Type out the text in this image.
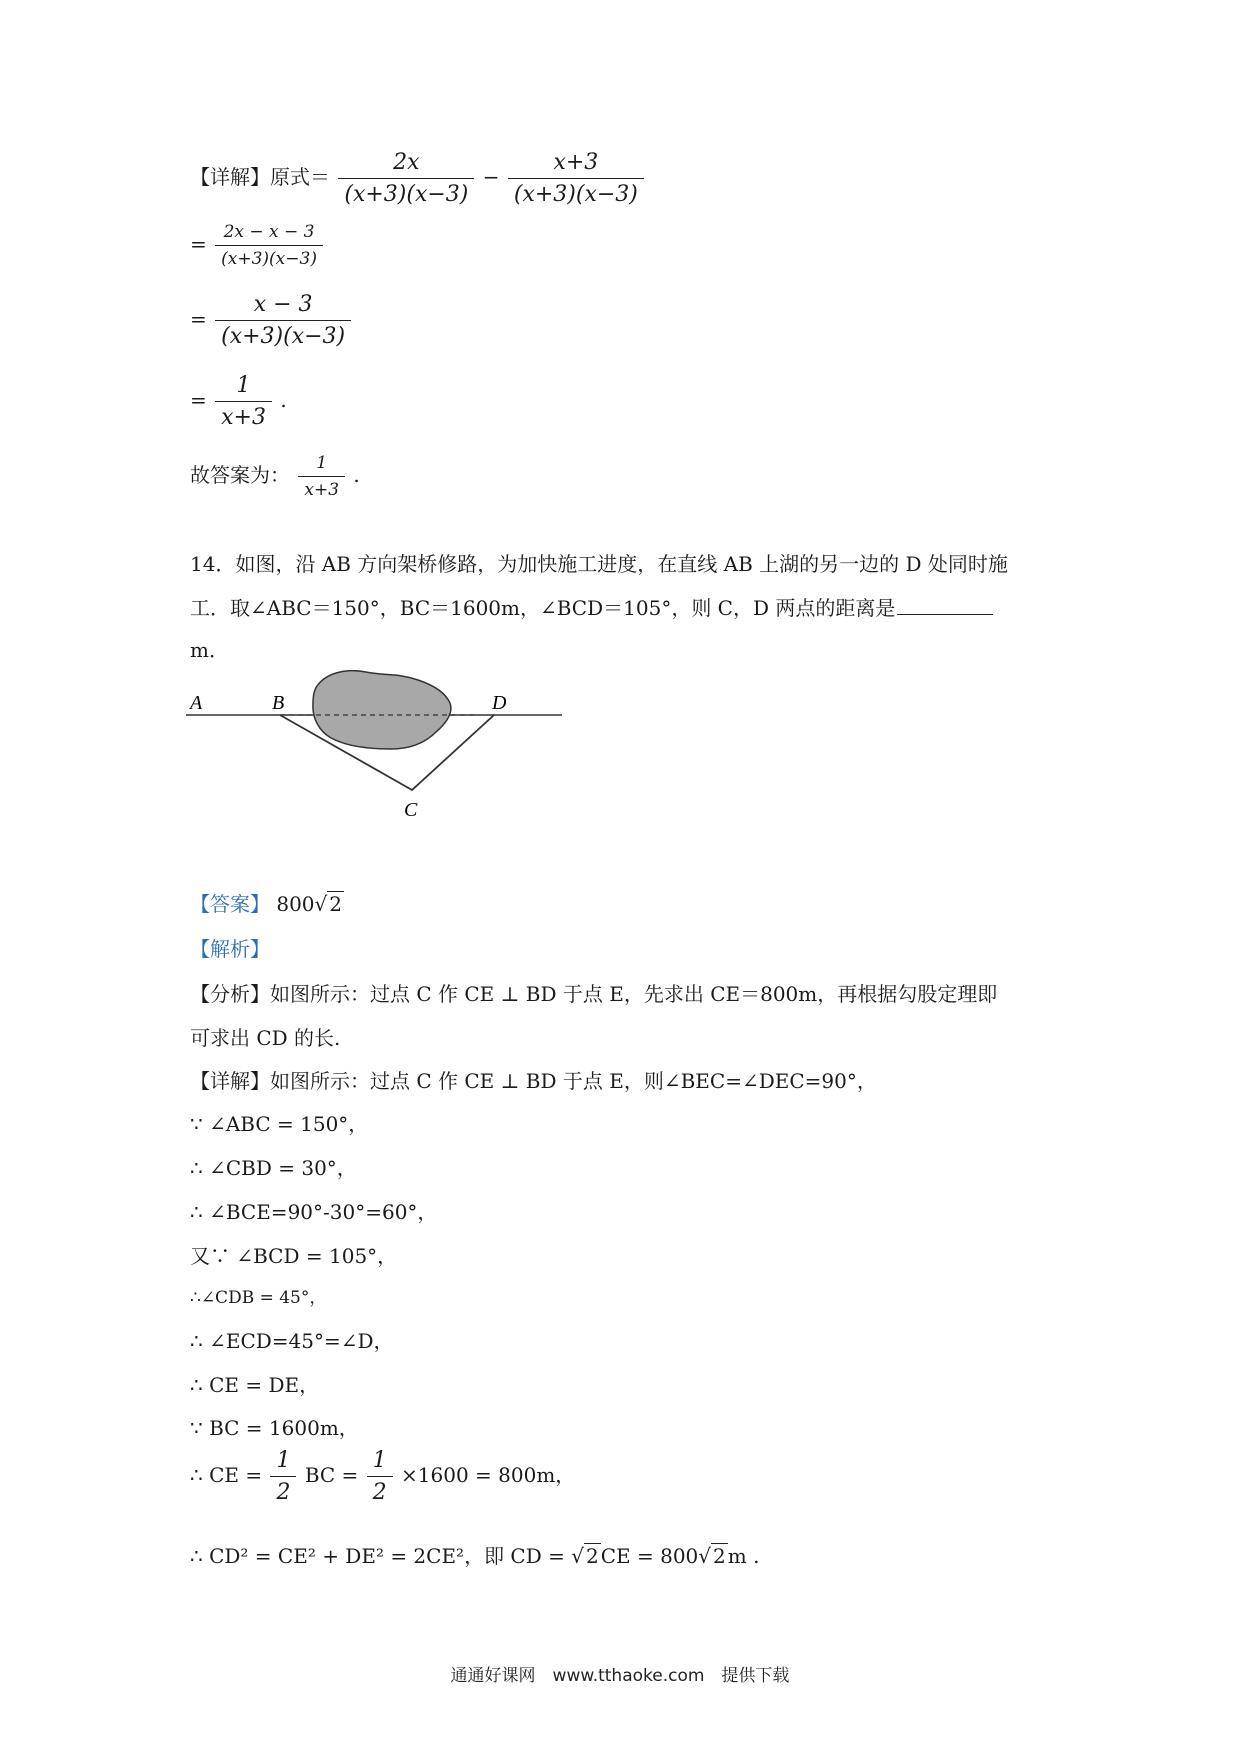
【详解】原式＝ $\frac{2x}{(x+3)(x-3)} - \frac{x+3}{(x+3)(x-3)}$
= $\frac{2x - x - 3}{(x+3)(x-3)}$
= $\frac{x - 3}{(x+3)(x-3)}$
= $\frac{1}{x+3}$ .
故答案为： $\frac{1}{x+3}$ .
14．如图，沿 AB 方向架桥修路，为加快施工进度，在直线 AB 上湖的另一边的 D 处同时施
工．取∠ABC＝150°，BC＝1600m，∠BCD＝105°，则 C，D 两点的距离是
m．
A	B	D
C
【答案】 800√ 2
【解析】
【分析】如图所示：过点 C 作 CE ⊥ BD 于点 E，先求出 CE＝800m，再根据勾股定理即
可求出 CD 的长.
【详解】如图所示：过点 C 作 CE ⊥ BD 于点 E，则∠BEC=∠DEC=90°，
∵ ∠ABC = 150°，
∴ ∠CBD = 30°，
∴ ∠BCE=90°-30°=60°，
又∵ ∠BCD = 105°，
∴∠CDB = 45°，
∴ ∠ECD=45°=∠D，
∴ CE = DE，
∵ BC = 1600m，
∴ CE = $\frac{1}{2}$ BC = $\frac{1}{2} \times 1600 = 800m$，
∴ CD² = CE² + DE² = 2CE²，即 CD = √ 2 CE = 800√ 2 m .
通通好课网　www.tthaoke.com　提供下载
